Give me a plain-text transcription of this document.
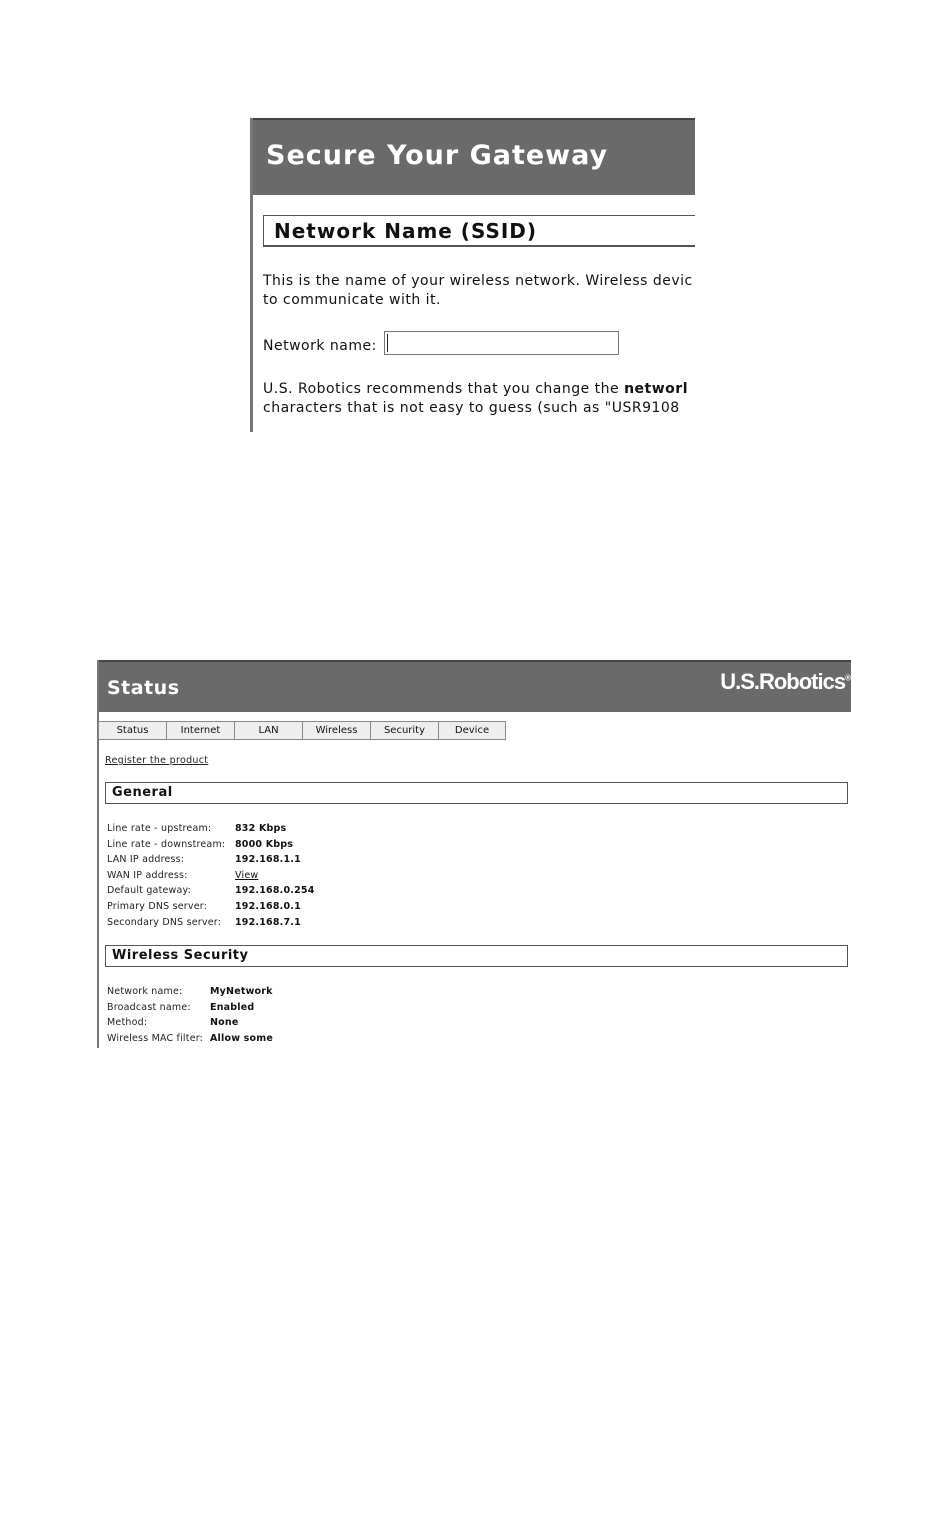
Secure Your Gateway
Network Name (SSID)
This is the name of your wireless network. Wireless devic
to communicate with it.
Network name:
U.S. Robotics recommends that you change the networl
characters that is not easy to guess (such as "USR9108
Status	U.S.Robotics®
Status	Internet	LAN	Wireless	Security	Device
Register the product
General
Line rate - upstream: 832 Kbps
Line rate - downstream: 8000 Kbps
LAN IP address:	192.168.1.1
WAN IP address:	View
Default gateway:	192.168.0.254
Primary DNS server:	192.168.0.1
Secondary DNS server: 192.168.7.1
Wireless Security
Network name:	MyNetwork
Broadcast name: Enabled
Method:	None
Wireless MAC filter: Allow some
